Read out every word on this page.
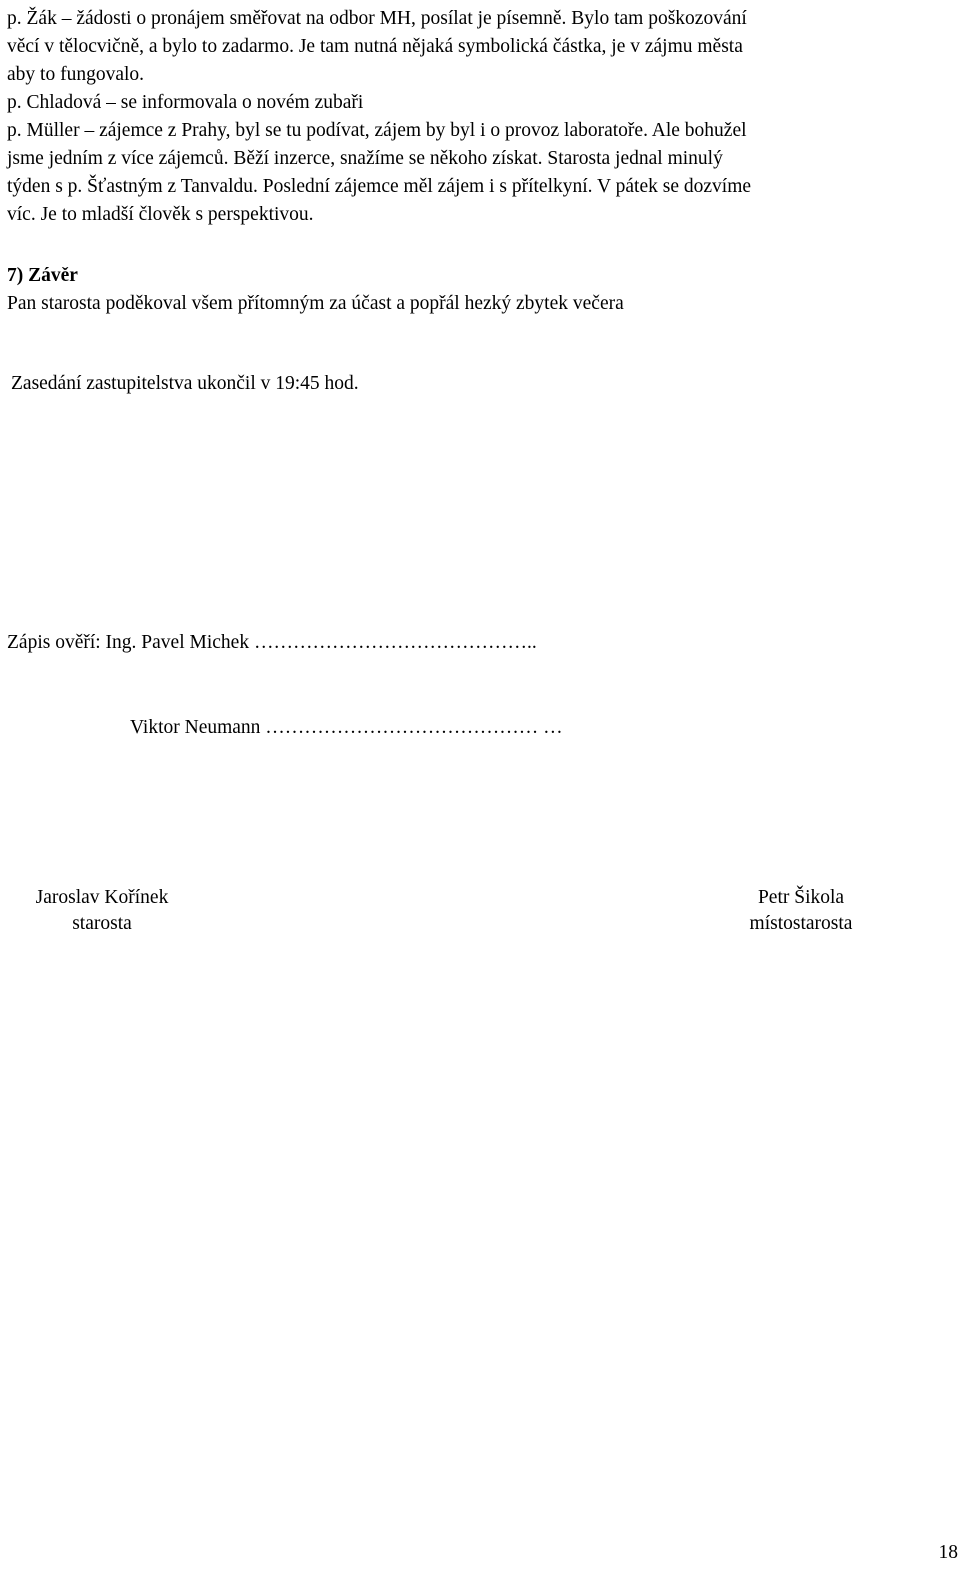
p. Žák – žádosti o pronájem směřovat na odbor MH, posílat je písemně. Bylo tam poškozování
věcí v tělocvičně, a bylo to zadarmo. Je tam nutná nějaká symbolická částka, je v zájmu města
aby to fungovalo.
p. Chladová – se informovala o novém zubaři
p. Müller – zájemce z Prahy, byl se tu podívat, zájem by byl i o provoz laboratoře. Ale bohužel
jsme jedním z více zájemců. Běží inzerce, snažíme se někoho získat. Starosta jednal minulý
týden s p. Šťastným z Tanvaldu. Poslední zájemce měl zájem i s přítelkyní. V pátek se dozvíme
víc. Je to mladší člověk s perspektivou.
7) Závěr
Pan starosta poděkoval všem přítomným za účast a popřál hezký zbytek večera
Zasedání zastupitelstva ukončil v 19:45 hod.
Zápis ověří: Ing. Pavel Michek ……………………………………..
Viktor Neumann …………………………………… …
Jaroslav Kořínek
starosta
Petr Šikola
místostarosta
18
